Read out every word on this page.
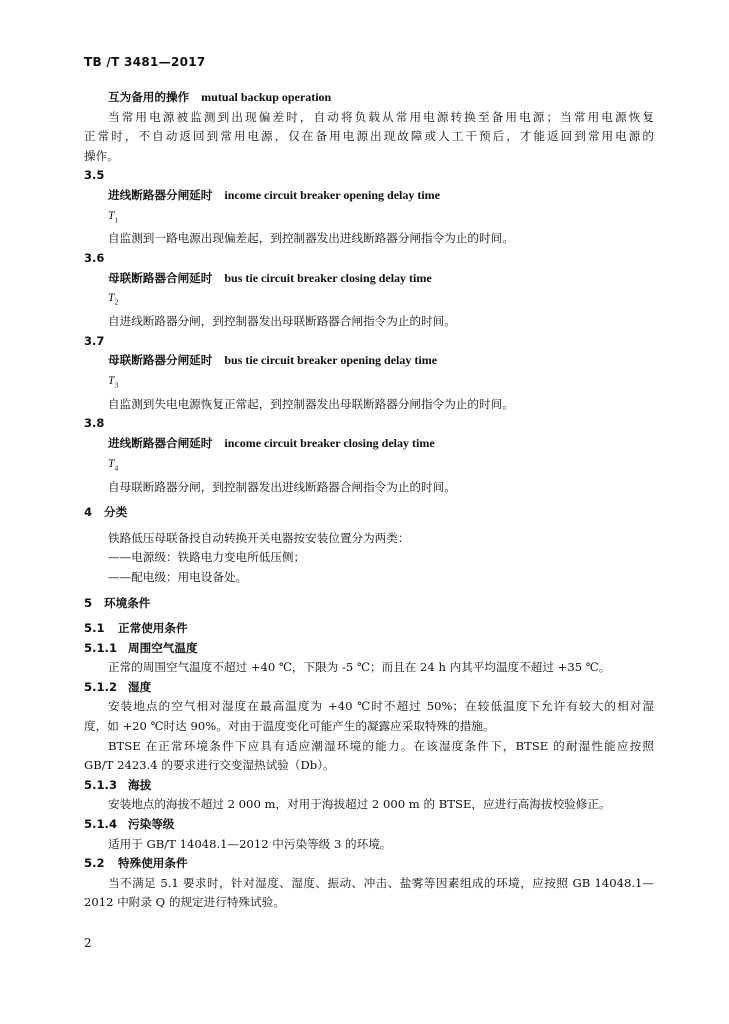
TB /T 3481—2017
互为备用的操作 mutual backup operation
当常用电源被监测到出现偏差时，自动将负载从常用电源转换至备用电源；当常用电源恢复
正常时，不自动返回到常用电源，仅在备用电源出现故障或人工干预后，才能返回到常用电源的
操作。
3.5
进线断路器分闸延时 income circuit breaker opening delay time
$T_1$
自监测到一路电源出现偏差起，到控制器发出进线断路器分闸指令为止的时间。
3.6
母联断路器合闸延时 bus tie circuit breaker closing delay time
$T_2$
自进线断路器分闸，到控制器发出母联断路器合闸指令为止的时间。
3.7
母联断路器分闸延时 bus tie circuit breaker opening delay time
$T_3$
自监测到失电电源恢复正常起，到控制器发出母联断路器分闸指令为止的时间。
3.8
进线断路器合闸延时 income circuit breaker closing delay time
$T_4$
自母联断路器分闸，到控制器发出进线断路器合闸指令为止的时间。
4 分类
铁路低压母联备投自动转换开关电器按安装位置分为两类：
——电源级：铁路电力变电所低压侧；
——配电级：用电设备处。
5 环境条件
5.1 正常使用条件
5.1.1 周围空气温度
正常的周围空气温度不超过 +40 ℃，下限为 -5 ℃；而且在 24 h 内其平均温度不超过 +35 ℃。
5.1.2 湿度
安装地点的空气相对湿度在最高温度为 +40 ℃时不超过 50%；在较低温度下允许有较大的相对湿
度，如 +20 ℃时达 90%。对由于温度变化可能产生的凝露应采取特殊的措施。
BTSE 在正常环境条件下应具有适应潮湿环境的能力。在该湿度条件下，BTSE 的耐湿性能应按照
GB/T 2423.4 的要求进行交变湿热试验（Db）。
5.1.3 海拔
安装地点的海拔不超过 2 000 m，对用于海拔超过 2 000 m 的 BTSE，应进行高海拔校验修正。
5.1.4 污染等级
适用于 GB/T 14048.1—2012 中污染等级 3 的环境。
5.2 特殊使用条件
当不满足 5.1 要求时，针对湿度、湿度、振动、冲击、盐雾等因素组成的环境，应按照 GB 14048.1—
2012 中附录 Q 的规定进行特殊试验。
2
